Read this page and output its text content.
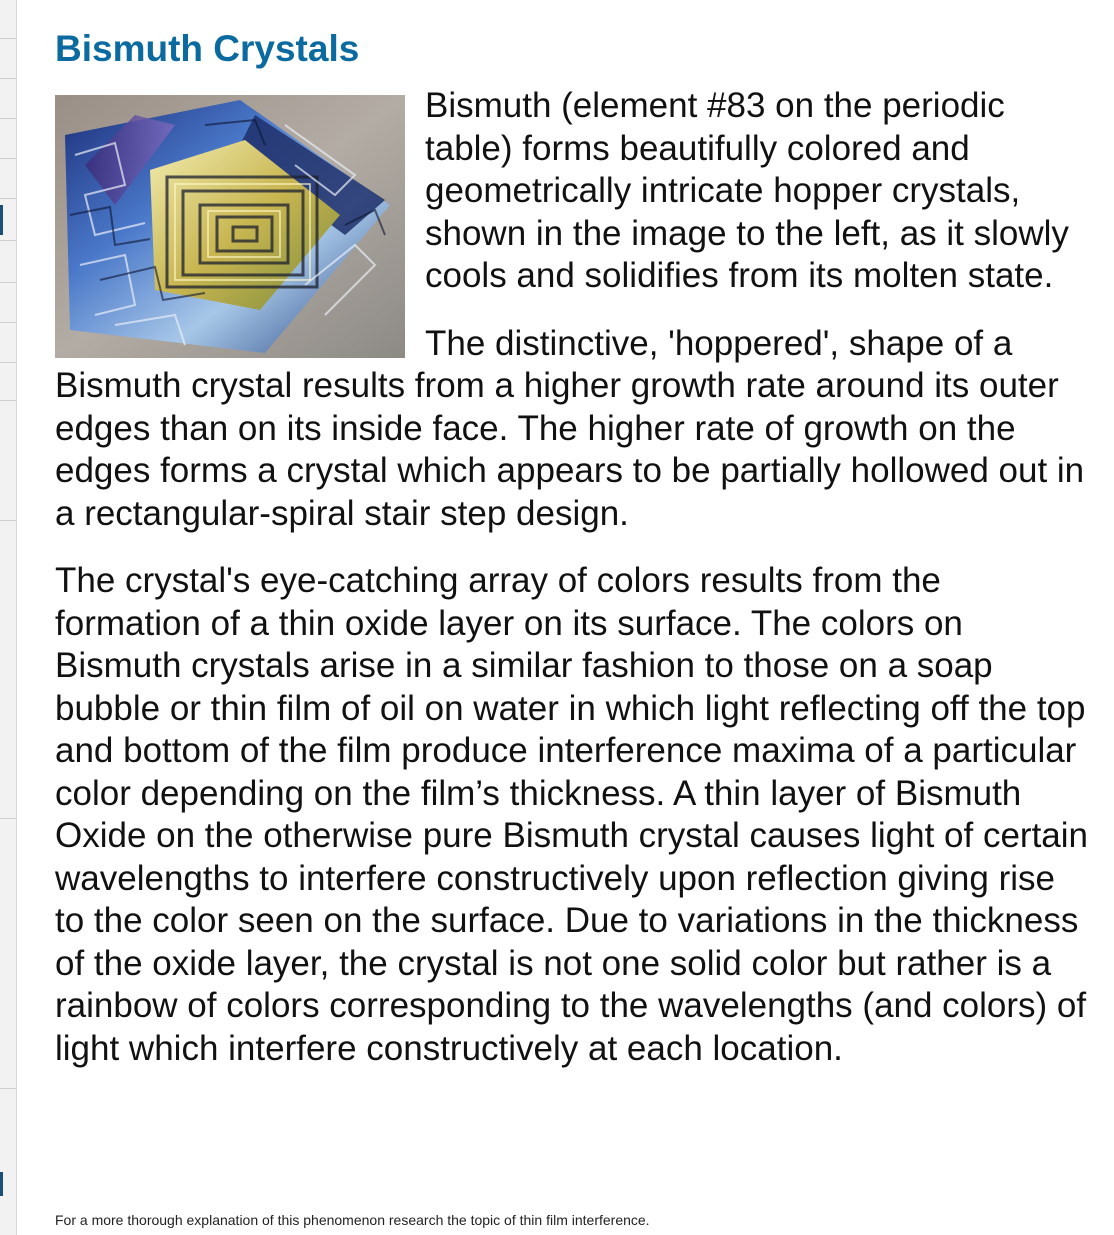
Bismuth Crystals

Bismuth (element #83 on the periodic table) forms beautifully colored and geometrically intricate hopper crystals, shown in the image to the left, as it slowly cools and solidifies from its molten state.

The distinctive, 'hoppered', shape of a Bismuth crystal results from a higher growth rate around its outer edges than on its inside face. The higher rate of growth on the edges forms a crystal which appears to be partially hollowed out in a rectangular-spiral stair step design.

The crystal's eye-catching array of colors results from the formation of a thin oxide layer on its surface. The colors on Bismuth crystals arise in a similar fashion to those on a soap bubble or thin film of oil on water in which light reflecting off the top and bottom of the film produce interference maxima of a particular color depending on the film’s thickness. A thin layer of Bismuth Oxide on the otherwise pure Bismuth crystal causes light of certain wavelengths to interfere constructively upon reflection giving rise to the color seen on the surface. Due to variations in the thickness of the oxide layer, the crystal is not one solid color but rather is a rainbow of colors corresponding to the wavelengths (and colors) of light which interfere constructively at each location.

For a more thorough explanation of this phenomenon research the topic of thin film interference.
